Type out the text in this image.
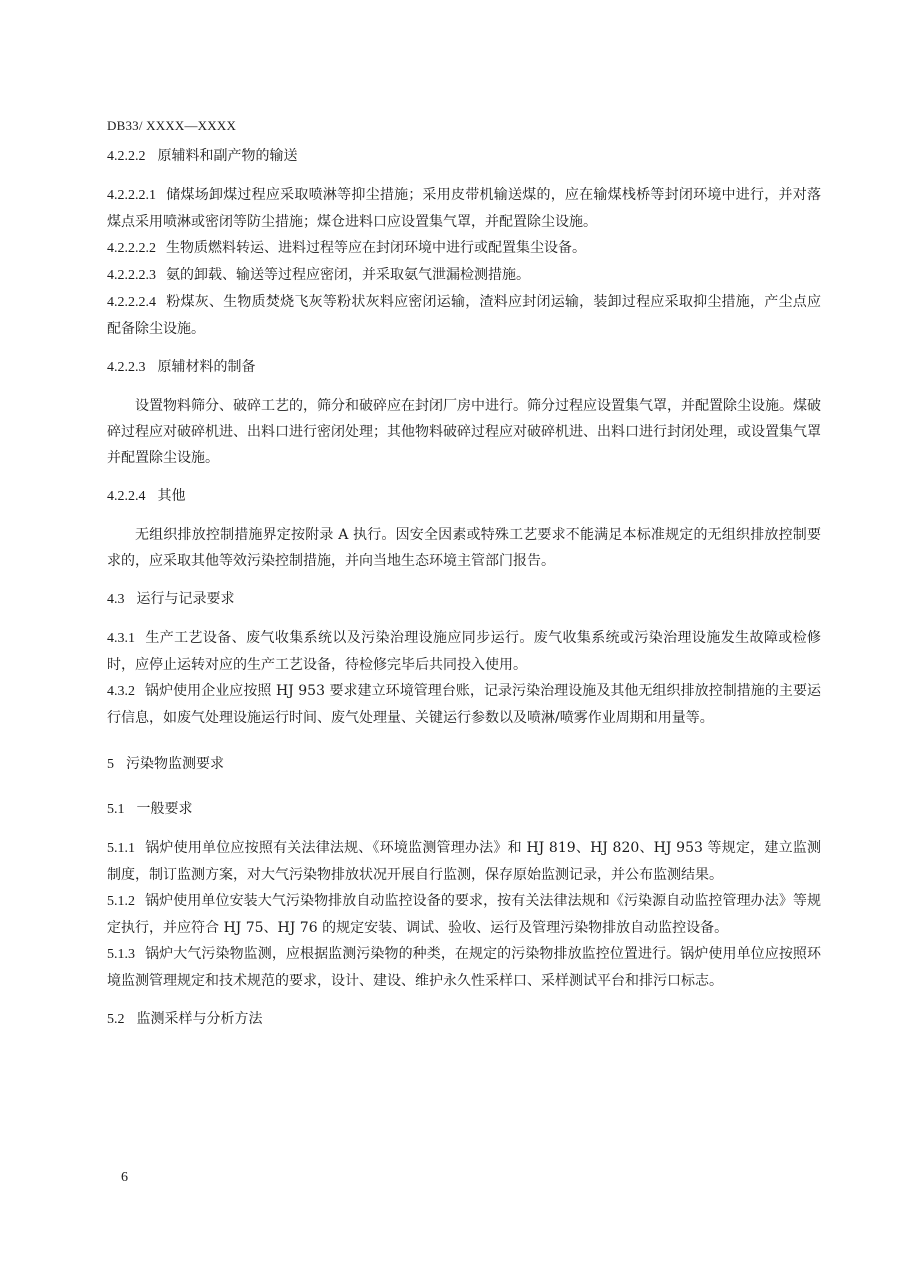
DB33/ XXXX—XXXX

4.2.2.2 原辅料和副产物的输送

4.2.2.2.1 储煤场卸煤过程应采取喷淋等抑尘措施；采用皮带机输送煤的，应在输煤栈桥等封闭环境中进行，并对落煤点采用喷淋或密闭等防尘措施；煤仓进料口应设置集气罩，并配置除尘设施。

4.2.2.2.2 生物质燃料转运、进料过程等应在封闭环境中进行或配置集尘设备。

4.2.2.2.3 氨的卸载、输送等过程应密闭，并采取氨气泄漏检测措施。

4.2.2.2.4 粉煤灰、生物质焚烧飞灰等粉状灰料应密闭运输，渣料应封闭运输，装卸过程应采取抑尘措施，产尘点应配备除尘设施。

4.2.2.3 原辅材料的制备

设置物料筛分、破碎工艺的，筛分和破碎应在封闭厂房中进行。筛分过程应设置集气罩，并配置除尘设施。煤破碎过程应对破碎机进、出料口进行密闭处理；其他物料破碎过程应对破碎机进、出料口进行封闭处理，或设置集气罩并配置除尘设施。

4.2.2.4 其他

无组织排放控制措施界定按附录 A 执行。因安全因素或特殊工艺要求不能满足本标准规定的无组织排放控制要求的，应采取其他等效污染控制措施，并向当地生态环境主管部门报告。

4.3 运行与记录要求

4.3.1 生产工艺设备、废气收集系统以及污染治理设施应同步运行。废气收集系统或污染治理设施发生故障或检修时，应停止运转对应的生产工艺设备，待检修完毕后共同投入使用。

4.3.2 锅炉使用企业应按照 HJ 953 要求建立环境管理台账，记录污染治理设施及其他无组织排放控制措施的主要运行信息，如废气处理设施运行时间、废气处理量、关键运行参数以及喷淋/喷雾作业周期和用量等。

5 污染物监测要求

5.1 一般要求

5.1.1 锅炉使用单位应按照有关法律法规、《环境监测管理办法》和 HJ 819、HJ 820、HJ 953 等规定，建立监测制度，制订监测方案，对大气污染物排放状况开展自行监测，保存原始监测记录，并公布监测结果。

5.1.2 锅炉使用单位安装大气污染物排放自动监控设备的要求，按有关法律法规和《污染源自动监控管理办法》等规定执行，并应符合 HJ 75、HJ 76 的规定安装、调试、验收、运行及管理污染物排放自动监控设备。

5.1.3 锅炉大气污染物监测，应根据监测污染物的种类，在规定的污染物排放监控位置进行。锅炉使用单位应按照环境监测管理规定和技术规范的要求，设计、建设、维护永久性采样口、采样测试平台和排污口标志。

5.2 监测采样与分析方法

6
